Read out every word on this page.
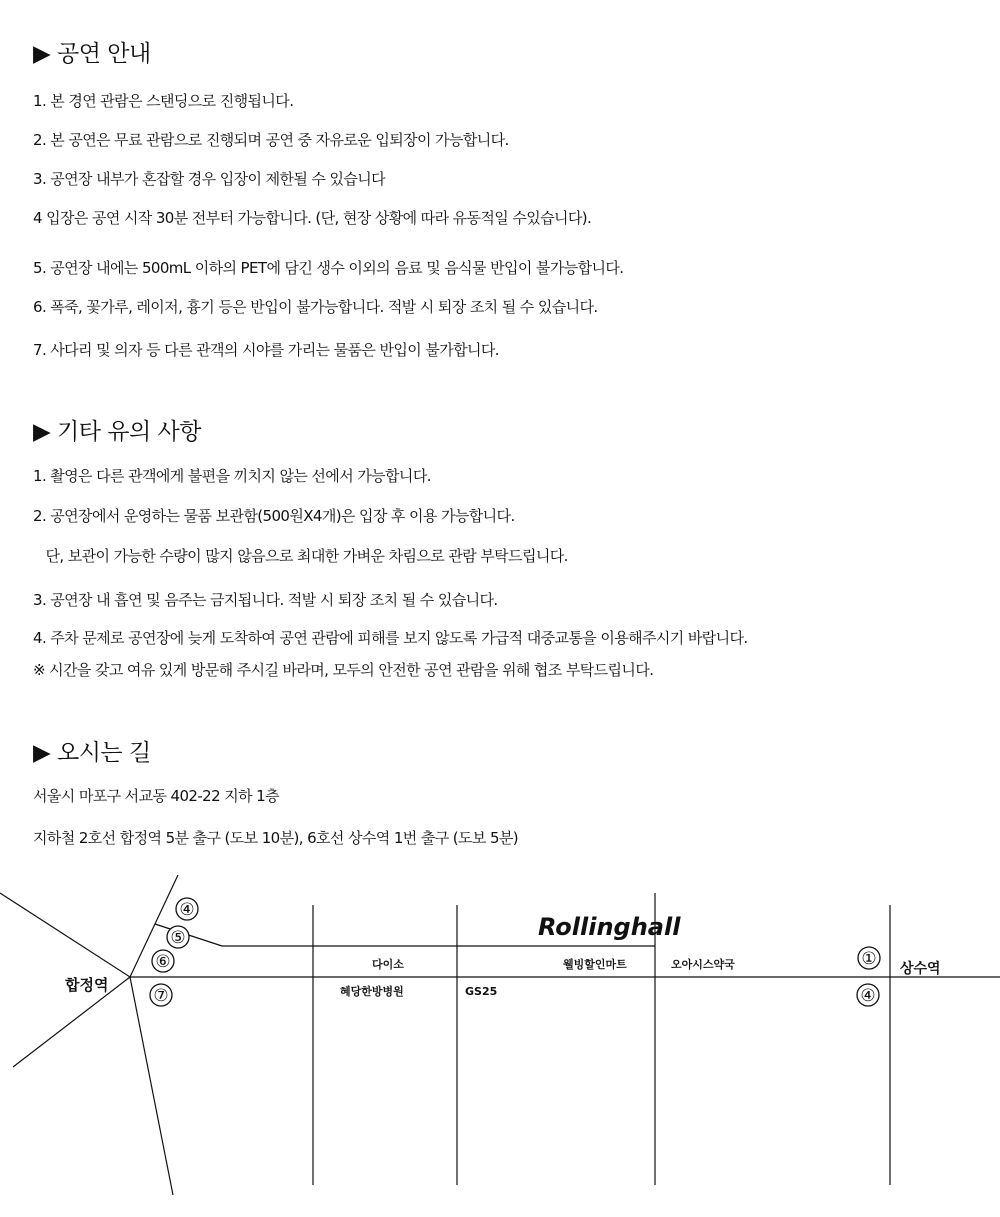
▶ 공연 안내

1. 본 경연 관람은 스탠딩으로 진행됩니다.

2. 본 공연은 무료 관람으로 진행되며 공연 중 자유로운 입퇴장이 가능합니다.

3. 공연장 내부가 혼잡할 경우 입장이 제한될 수 있습니다

4 입장은 공연 시작 30분 전부터 가능합니다. (단, 현장 상황에 따라 유동적일 수있습니다).

5. 공연장 내에는 500mL 이하의 PET에 담긴 생수 이외의 음료 및 음식물 반입이 불가능합니다.

6. 폭죽, 꽃가루, 레이저, 흉기 등은 반입이 불가능합니다. 적발 시 퇴장 조치 될 수 있습니다.

7. 사다리 및 의자 등 다른 관객의 시야를 가리는 물품은 반입이 불가합니다.

▶ 기타 유의 사항

1. 촬영은 다른 관객에게 불편을 끼치지 않는 선에서 가능합니다.

2. 공연장에서 운영하는 물품 보관함(500원X4개)은 입장 후 이용 가능합니다.

단, 보관이 가능한 수량이 많지 않음으로 최대한 가벼운 차림으로 관람 부탁드립니다.

3. 공연장 내 흡연 및 음주는 금지됩니다. 적발 시 퇴장 조치 될 수 있습니다.

4. 주차 문제로 공연장에 늦게 도착하여 공연 관람에 피해를 보지 않도록 가급적 대중교통을 이용해주시기 바랍니다.

※ 시간을 갖고 여유 있게 방문해 주시길 바라며, 모두의 안전한 공연 관람을 위해 협조 부탁드립니다.

▶ 오시는 길

서울시 마포구 서교동 402-22 지하 1층

지하철 2호선 합정역 5분 출구 (도보 10분), 6호선 상수역 1번 출구 (도보 5분)

Rollinghall
합정역
상수역
다이소	웰빙할인마트	오아시스약국
혜당한방병원	GS25
④
⑤
⑥
⑦
①
④
